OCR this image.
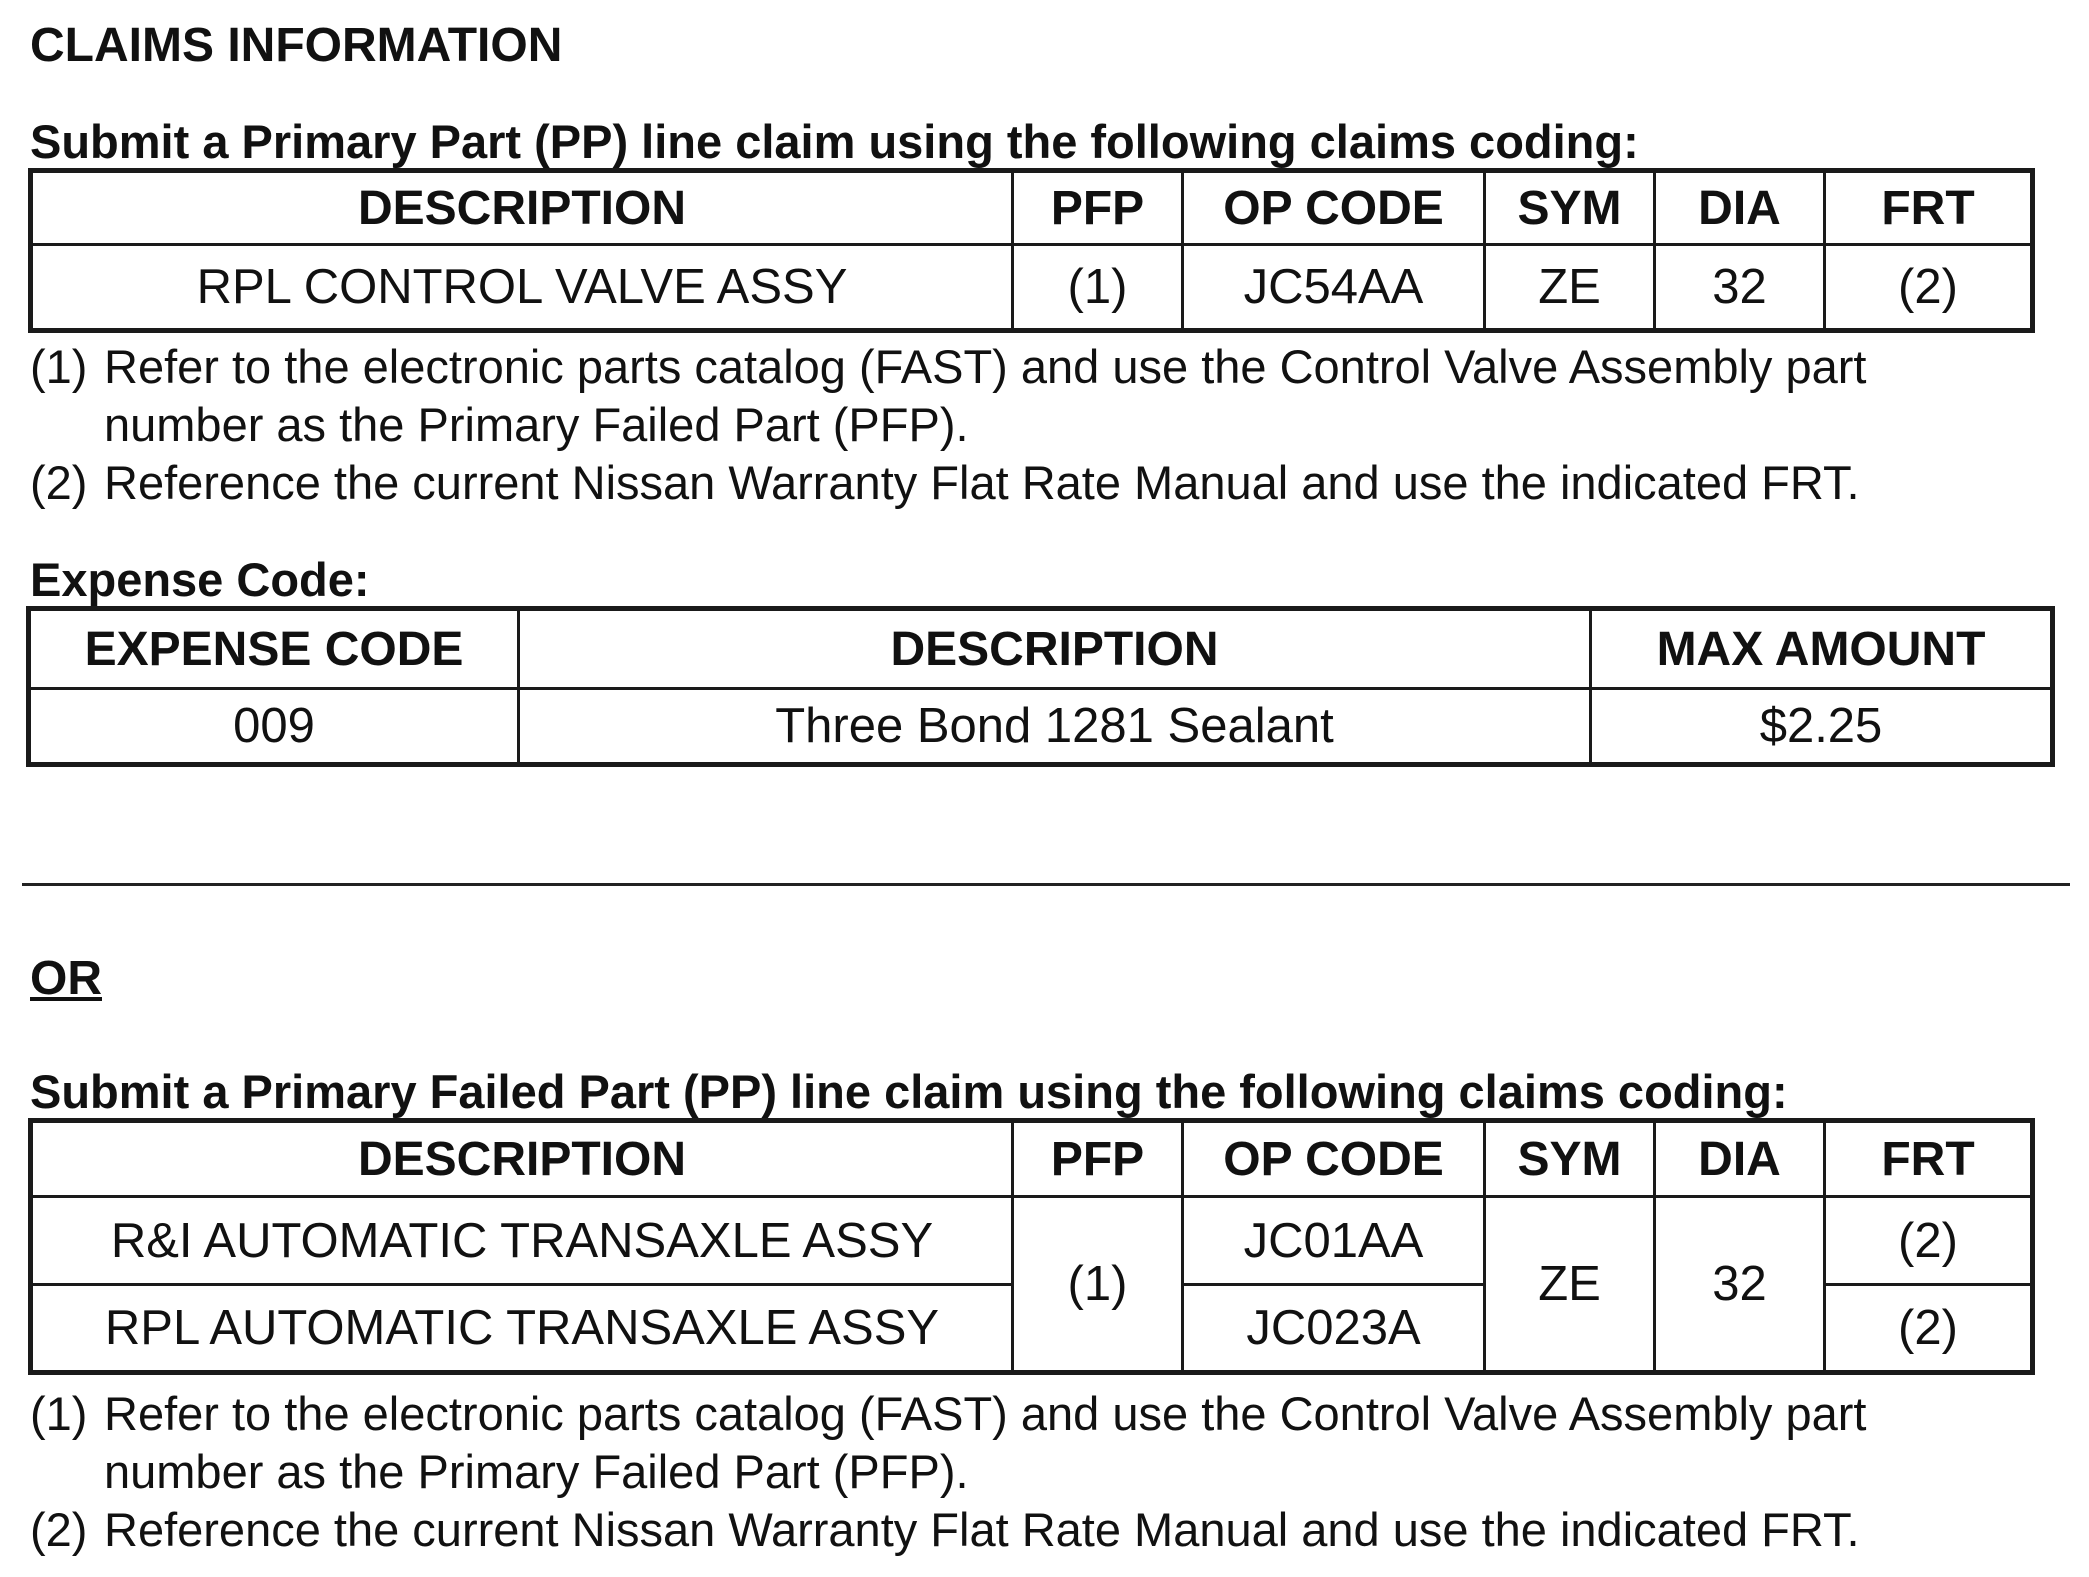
CLAIMS INFORMATION
Submit a Primary Part (PP) line claim using the following claims coding:
DESCRIPTION	PFP	OP CODE	SYM	DIA	FRT
RPL CONTROL VALVE ASSY	(1)	JC54AA	ZE	32	(2)
(1) Refer to the electronic parts catalog (FAST) and use the Control Valve Assembly part
number as the Primary Failed Part (PFP).
(2) Reference the current Nissan Warranty Flat Rate Manual and use the indicated FRT.
Expense Code:
EXPENSE CODE	DESCRIPTION	MAX AMOUNT
009	Three Bond 1281 Sealant	$2.25

OR

Submit a Primary Failed Part (PP) line claim using the following claims coding:
DESCRIPTION	PFP	OP CODE	SYM	DIA	FRT
R&I AUTOMATIC TRANSAXLE ASSY	(1)	JC01AA	ZE	32	(2)
RPL AUTOMATIC TRANSAXLE ASSY		JC023A			(2)
(1) Refer to the electronic parts catalog (FAST) and use the Control Valve Assembly part
number as the Primary Failed Part (PFP).
(2) Reference the current Nissan Warranty Flat Rate Manual and use the indicated FRT.
